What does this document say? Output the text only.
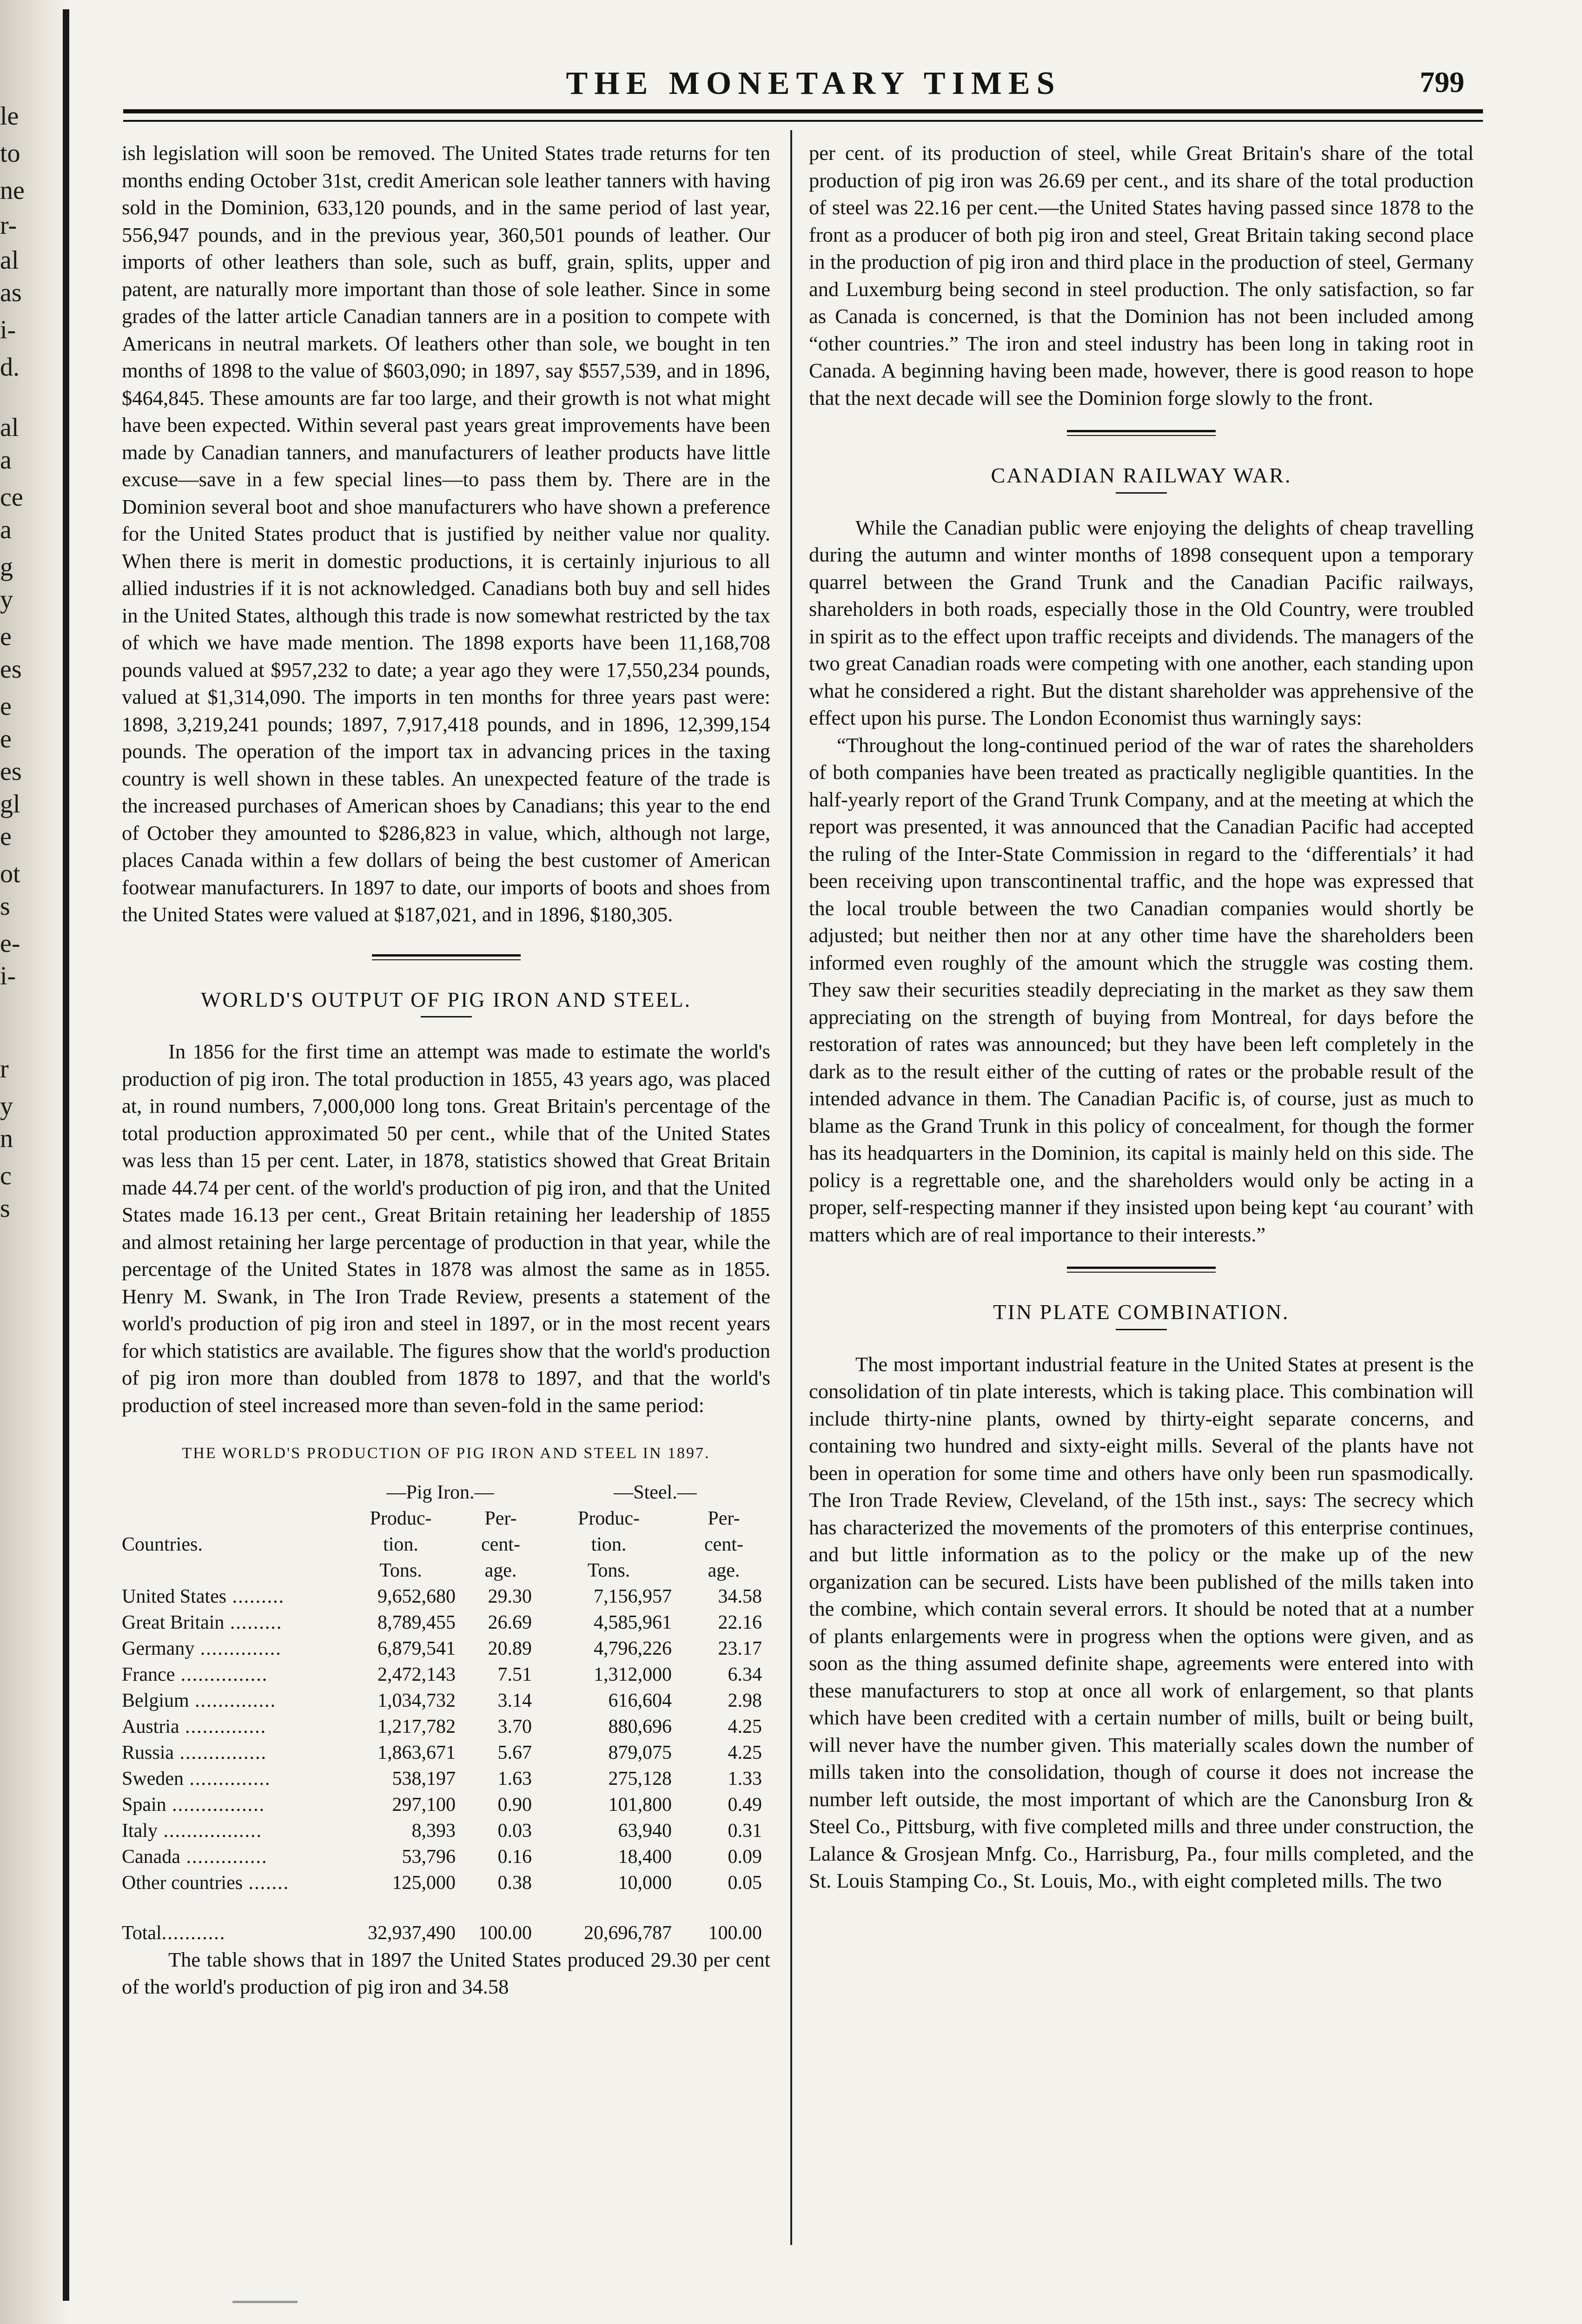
le
to
ne
r-
al
as
i-
d.
al
a
ce
a
g
y
e
es
e
e
es
gl
e
ot
s
e-
i-
r
y
n
c
s
THE MONETARY TIMES	799

ish legislation will soon be removed. The United States trade returns for ten months ending October 31st, credit American sole leather tanners with having sold in the Dominion, 633,120 pounds, and in the same period of last year, 556,947 pounds, and in the previous year, 360,501 pounds of leather. Our imports of other leathers than sole, such as buff, grain, splits, upper and patent, are naturally more important than those of sole leather. Since in some grades of the latter article Canadian tanners are in a position to compete with Americans in neutral markets. Of leathers other than sole, we bought in ten months of 1898 to the value of $603,090; in 1897, say $557,539, and in 1896, $464,845. These amounts are far too large, and their growth is not what might have been expected. Within several past years great improvements have been made by Canadian tanners, and manufacturers of leather products have little excuse—save in a few special lines—to pass them by. There are in the Dominion several boot and shoe manufacturers who have shown a preference for the United States product that is justified by neither value nor quality. When there is merit in domestic productions, it is certainly injurious to all allied industries if it is not acknowledged. Canadians both buy and sell hides in the United States, although this trade is now somewhat restricted by the tax of which we have made mention. The 1898 exports have been 11,168,708 pounds valued at $957,232 to date; a year ago they were 17,550,234 pounds, valued at $1,314,090. The imports in ten months for three years past were: 1898, 3,219,241 pounds; 1897, 7,917,418 pounds, and in 1896, 12,399,154 pounds. The operation of the import tax in advancing prices in the taxing country is well shown in these tables. An unexpected feature of the trade is the increased purchases of American shoes by Canadians; this year to the end of October they amounted to $286,823 in value, which, although not large, places Canada within a few dollars of being the best customer of American footwear manufacturers. In 1897 to date, our imports of boots and shoes from the United States were valued at $187,021, and in 1896, $180,305.

WORLD'S OUTPUT OF PIG IRON AND STEEL.

In 1856 for the first time an attempt was made to estimate the world's production of pig iron. The total production in 1855, 43 years ago, was placed at, in round numbers, 7,000,000 long tons. Great Britain's percentage of the total production approximated 50 per cent., while that of the United States was less than 15 per cent. Later, in 1878, statistics showed that Great Britain made 44.74 per cent. of the world's production of pig iron, and that the United States made 16.13 per cent., Great Britain retaining her leadership of 1855 and almost retaining her large percentage of production in that year, while the percentage of the United States in 1878 was almost the same as in 1855. Henry M. Swank, in The Iron Trade Review, presents a statement of the world's production of pig iron and steel in 1897, or in the most recent years for which statistics are available. The figures show that the world's production of pig iron more than doubled from 1878 to 1897, and that the world's production of steel increased more than seven-fold in the same period:

THE WORLD'S PRODUCTION OF PIG IRON AND STEEL IN 1897.
	—Pig Iron.—		—Steel.—	
	Produc-	Per-	Produc-	Per-
Countries.	tion.	cent-	tion.	cent-
	Tons.	age.	Tons.	age.
United States .........	9,652,680	29.30	7,156,957	34.58
Great Britain .........	8,789,455	26.69	4,585,961	22.16
Germany ..............	6,879,541	20.89	4,796,226	23.17
France ...............	2,472,143	7.51	1,312,000	6.34
Belgium ..............	1,034,732	3.14	616,604	2.98
Austria ..............	1,217,782	3.70	880,696	4.25
Russia ...............	1,863,671	5.67	879,075	4.25
Sweden ..............	538,197	1.63	275,128	1.33
Spain ................	297,100	0.90	101,800	0.49
Italy .................	8,393	0.03	63,940	0.31
Canada ..............	53,796	0.16	18,400	0.09
Other countries .......	125,000	0.38	10,000	0.05
Total...........	32,937,490	100.00	20,696,787	100.00

The table shows that in 1897 the United States produced 29.30 per cent of the world's production of pig iron and 34.58

per cent. of its production of steel, while Great Britain's share of the total production of pig iron was 26.69 per cent., and its share of the total production of steel was 22.16 per cent.—the United States having passed since 1878 to the front as a producer of both pig iron and steel, Great Britain taking second place in the production of pig iron and third place in the production of steel, Germany and Luxemburg being second in steel production. The only satisfaction, so far as Canada is concerned, is that the Dominion has not been included among “other countries.” The iron and steel industry has been long in taking root in Canada. A beginning having been made, however, there is good reason to hope that the next decade will see the Dominion forge slowly to the front.

CANADIAN RAILWAY WAR.

While the Canadian public were enjoying the delights of cheap travelling during the autumn and winter months of 1898 consequent upon a temporary quarrel between the Grand Trunk and the Canadian Pacific railways, shareholders in both roads, especially those in the Old Country, were troubled in spirit as to the effect upon traffic receipts and dividends. The managers of the two great Canadian roads were competing with one another, each standing upon what he considered a right. But the distant shareholder was apprehensive of the effect upon his purse. The London Economist thus warningly says:

“Throughout the long-continued period of the war of rates the shareholders of both companies have been treated as practically negligible quantities. In the half-yearly report of the Grand Trunk Company, and at the meeting at which the report was presented, it was announced that the Canadian Pacific had accepted the ruling of the Inter-State Commission in regard to the ‘differentials’ it had been receiving upon transcontinental traffic, and the hope was expressed that the local trouble between the two Canadian companies would shortly be adjusted; but neither then nor at any other time have the shareholders been informed even roughly of the amount which the struggle was costing them. They saw their securities steadily depreciating in the market as they saw them appreciating on the strength of buying from Montreal, for days before the restoration of rates was announced; but they have been left completely in the dark as to the result either of the cutting of rates or the probable result of the intended advance in them. The Canadian Pacific is, of course, just as much to blame as the Grand Trunk in this policy of concealment, for though the former has its headquarters in the Dominion, its capital is mainly held on this side. The policy is a regrettable one, and the shareholders would only be acting in a proper, self-respecting manner if they insisted upon being kept ‘au courant’ with matters which are of real importance to their interests.”

TIN PLATE COMBINATION.

The most important industrial feature in the United States at present is the consolidation of tin plate interests, which is taking place. This combination will include thirty-nine plants, owned by thirty-eight separate concerns, and containing two hundred and sixty-eight mills. Several of the plants have not been in operation for some time and others have only been run spasmodically. The Iron Trade Review, Cleveland, of the 15th inst., says: The secrecy which has characterized the movements of the promoters of this enterprise continues, and but little information as to the policy or the make up of the new organization can be secured. Lists have been published of the mills taken into the combine, which contain several errors. It should be noted that at a number of plants enlargements were in progress when the options were given, and as soon as the thing assumed definite shape, agreements were entered into with these manufacturers to stop at once all work of enlargement, so that plants which have been credited with a certain number of mills, built or being built, will never have the number given. This materially scales down the number of mills taken into the consolidation, though of course it does not increase the number left outside, the most important of which are the Canonsburg Iron & Steel Co., Pittsburg, with five completed mills and three under construction, the Lalance & Grosjean Mnfg. Co., Harrisburg, Pa., four mills completed, and the St. Louis Stamping Co., St. Louis, Mo., with eight completed mills. The two
